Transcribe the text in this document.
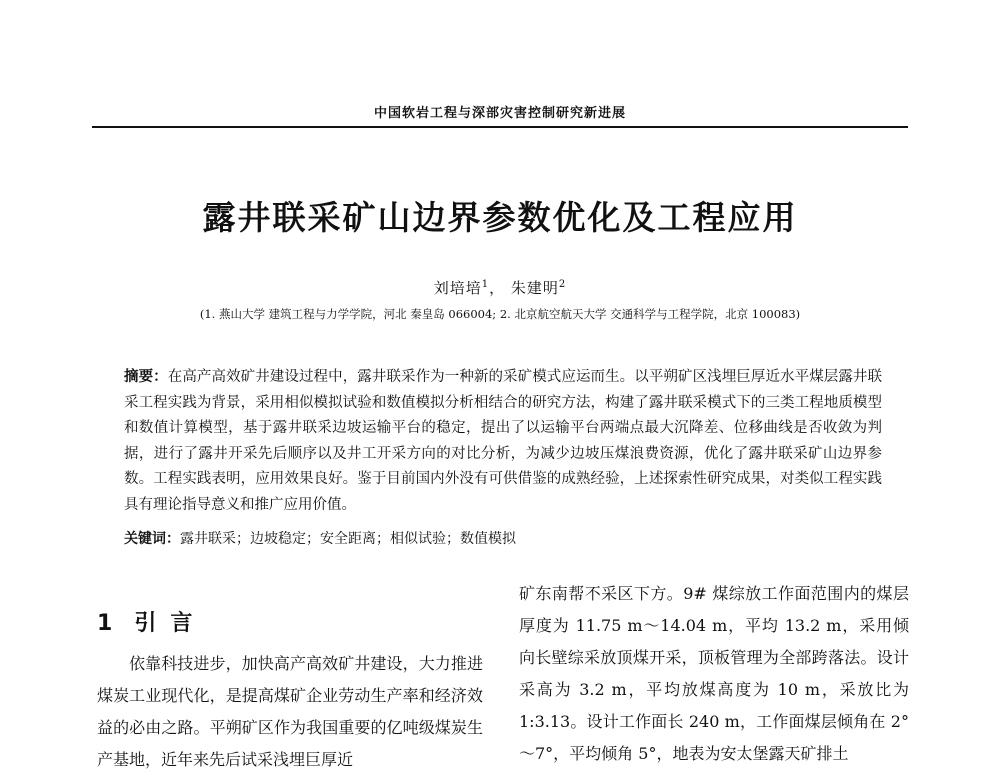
中国软岩工程与深部灾害控制研究新进展
露井联采矿山边界参数优化及工程应用
刘培培$^1$， 朱建明$^2$
(1. 燕山大学 建筑工程与力学学院，河北 秦皇岛 066004; 2. 北京航空航天大学 交通科学与工程学院，北京 100083)
摘要：在高产高效矿井建设过程中，露井联采作为一种新的采矿模式应运而生。以平朔矿区浅埋巨厚近水平煤层露井联采工程实践为背景，采用相似模拟试验和数值模拟分析相结合的研究方法，构建了露井联采模式下的三类工程地质模型和数值计算模型，基于露井联采边坡运输平台的稳定，提出了以运输平台两端点最大沉降差、位移曲线是否收敛为判据，进行了露井开采先后顺序以及井工开采方向的对比分析，为减少边坡压煤浪费资源，优化了露井联采矿山边界参数。工程实践表明，应用效果良好。鉴于目前国内外没有可供借鉴的成熟经验，上述探索性研究成果，对类似工程实践具有理论指导意义和推广应用价值。
关键词：露井联采；边坡稳定；安全距离；相似试验；数值模拟
1 引言
依靠科技进步，加快高产高效矿井建设，大力推进煤炭工业现代化，是提高煤矿企业劳动生产率和经济效益的必由之路。平朔矿区作为我国重要的亿吨级煤炭生产基地，近年来先后试采浅埋巨厚近
矿东南帮不采区下方。9# 煤综放工作面范围内的煤层厚度为 11.75 m～14.04 m，平均 13.2 m，采用倾向长壁综采放顶煤开采，顶板管理为全部跨落法。设计采高为 3.2 m，平均放煤高度为 10 m，采放比为 1:3.13。设计工作面长 240 m，工作面煤层倾角在 2°～7°，平均倾角 5°，地表为安太堡露天矿排土
